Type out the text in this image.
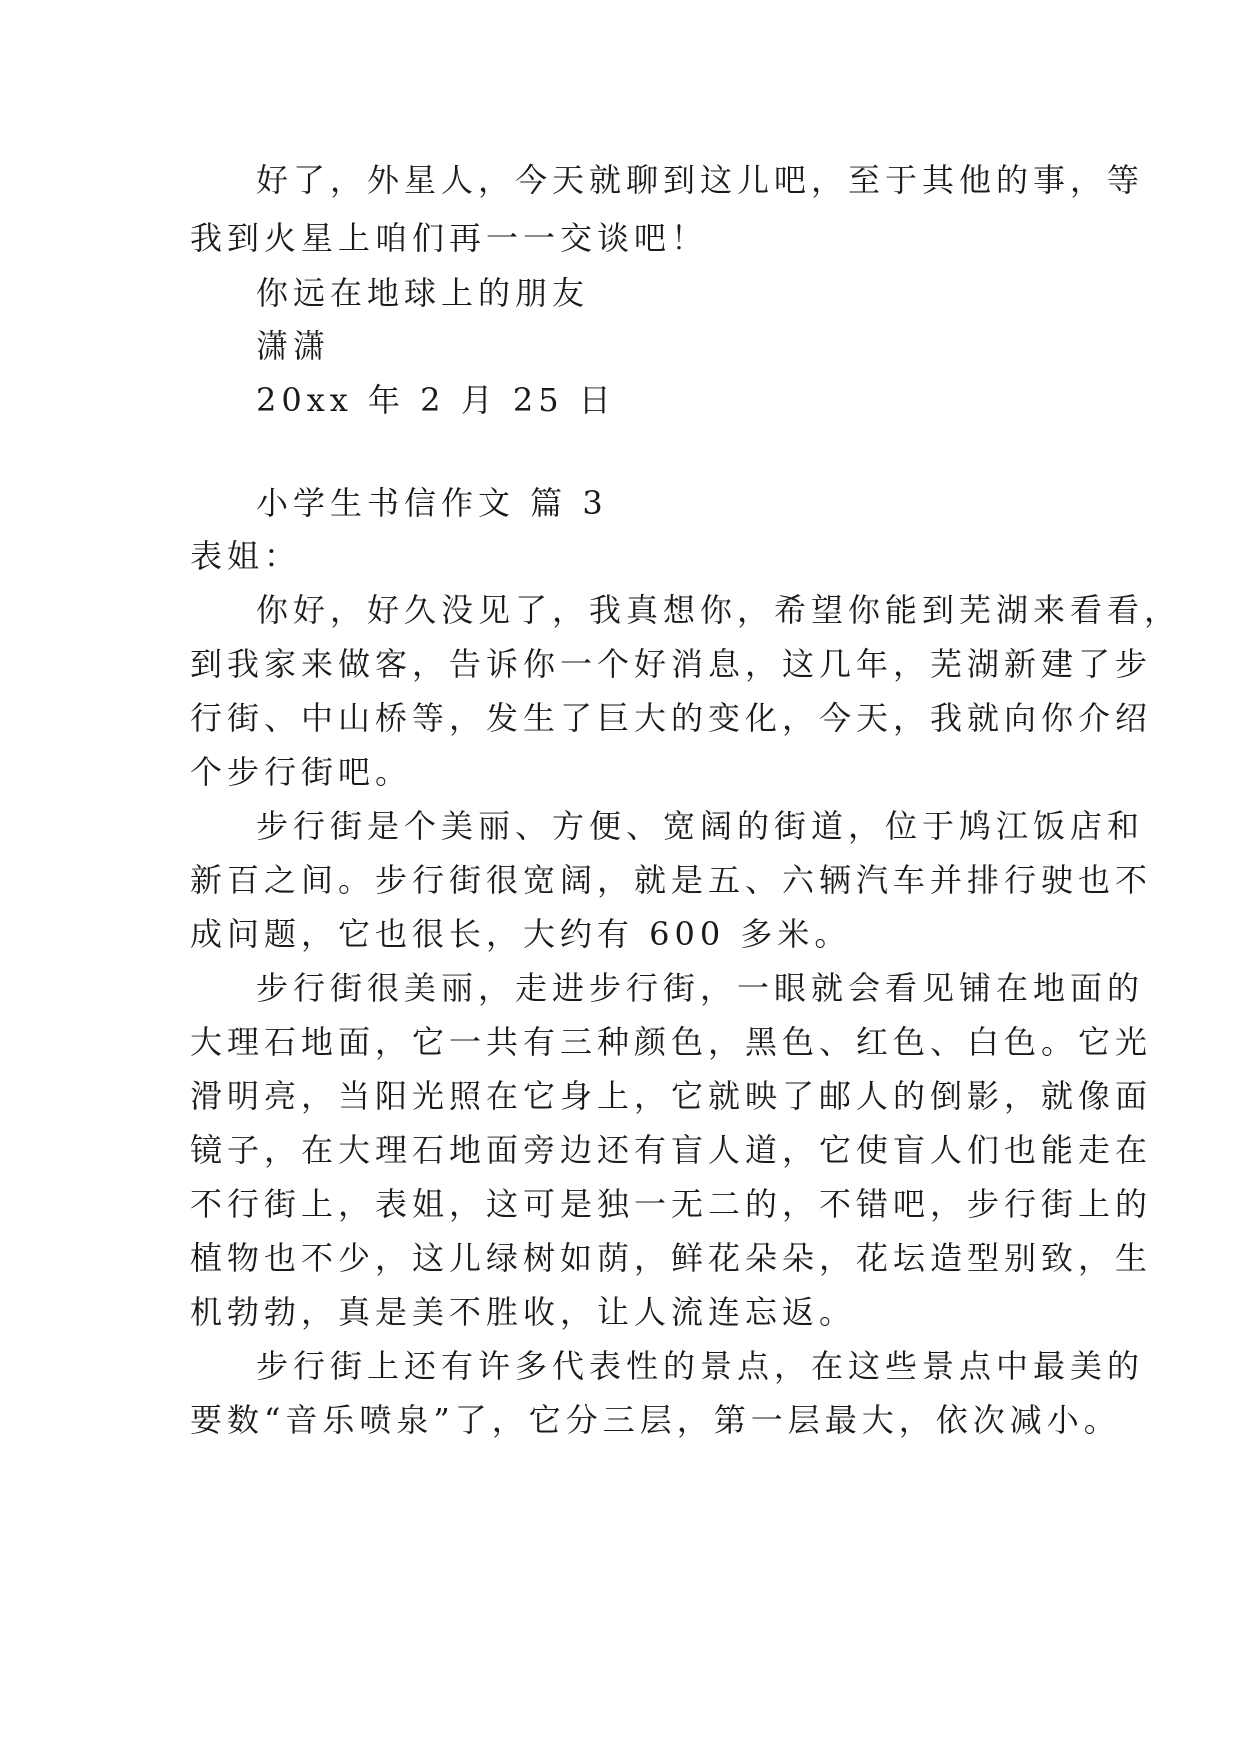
好了，外星人，今天就聊到这儿吧，至于其他的事，等
我到火星上咱们再一一交谈吧！
你远在地球上的朋友
潇潇
20xx 年 2 月 25 日
小学生书信作文 篇 3
表姐：
你好，好久没见了，我真想你，希望你能到芜湖来看看，
到我家来做客，告诉你一个好消息，这几年，芜湖新建了步
行街、中山桥等，发生了巨大的变化，今天，我就向你介绍
个步行街吧。
步行街是个美丽、方便、宽阔的街道，位于鸠江饭店和
新百之间。步行街很宽阔，就是五、六辆汽车并排行驶也不
成问题，它也很长，大约有 600 多米。
步行街很美丽，走进步行街，一眼就会看见铺在地面的
大理石地面，它一共有三种颜色，黑色、红色、白色。它光
滑明亮，当阳光照在它身上，它就映了邮人的倒影，就像面
镜子，在大理石地面旁边还有盲人道，它使盲人们也能走在
不行街上，表姐，这可是独一无二的，不错吧，步行街上的
植物也不少，这儿绿树如荫，鲜花朵朵，花坛造型别致，生
机勃勃，真是美不胜收，让人流连忘返。
步行街上还有许多代表性的景点，在这些景点中最美的
要数“音乐喷泉”了，它分三层，第一层最大，依次减小。
